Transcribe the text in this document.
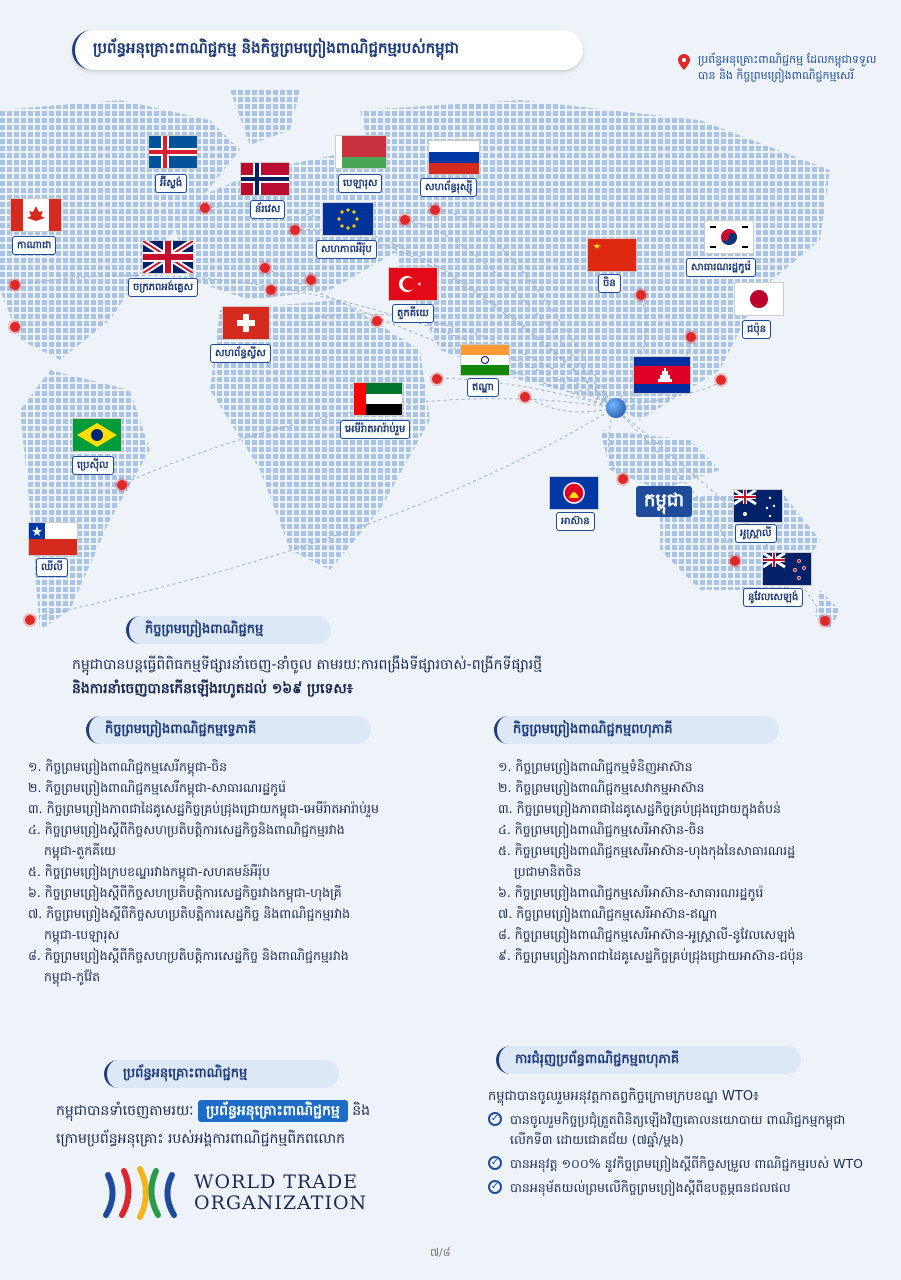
ប្រព័ន្ធអនុគ្រោះពាណិជ្ជកម្ម និងកិច្ចព្រមព្រៀងពាណិជ្ជកម្មរបស់កម្ពុជា
ប្រព័ន្ធអនុគ្រោះពាណិជ្ជកម្ម ដែលកម្ពុជាទទួលបាន និង កិច្ចព្រមព្រៀងពាណិជ្ជកម្មសេរី
អ៊ីស្លង់
ន័រវេស
បេឡារុស	សហព័ន្ធរុស្ស៊ី
កាណាដា	សហភាពអឺរ៉ុប
ចក្រភពអង់គ្លេស	ចិន
សាធារណរដ្ឋកូរ៉េ
តួកគីយេ
ជប៉ុន
សហព័ន្ធស្វីស
ឥណ្ឌា
អេមីរ៉ាតអារ៉ាប់រួម
ប្រេស៊ីល
អាស៊ាន
អូស្ត្រាលី
ឈីលី
នូវែលសេឡង់
កម្ពុជា
កិច្ចព្រមព្រៀងពាណិជ្ជកម្ម
កម្ពុជាបានបន្តធ្វើពិពិធកម្មទីផ្សារនាំចេញ-នាំចូល តាមរយៈការពង្រឹងទីផ្សារចាស់-ពង្រីកទីផ្សារថ្មី
និងការនាំចេញបានកើនឡើងរហូតដល់ ១៦៩ ប្រទេស៖
កិច្ចព្រមព្រៀងពាណិជ្ជកម្មទ្វេភាគី
១. កិច្ចព្រមព្រៀងពាណិជ្ជកម្មសេរីកម្ពុជា-ចិន
២. កិច្ចព្រមព្រៀងពាណិជ្ជកម្មសេរីកម្ពុជា-សាធារណរដ្ឋកូរ៉េ
៣. កិច្ចព្រមព្រៀងភាពជាដៃគូសេដ្ឋកិច្ចគ្រប់ជ្រុងជ្រោយកម្ពុជា-អេមីរ៉ាតអារ៉ាប់រួម
៤. កិច្ចព្រមព្រៀងស្តីពីកិច្ចសហប្រតិបត្តិការសេដ្ឋកិច្ចនិងពាណិជ្ជកម្មរវាង
កម្ពុជា-តួកគីយេ
៥. កិច្ចព្រមព្រៀងក្របខណ្ឌរវាងកម្ពុជា-សហគមន៍អឺរ៉ុប
៦. កិច្ចព្រមព្រៀងស្តីពីកិច្ចសហប្រតិបត្តិការសេដ្ឋកិច្ចរវាងកម្ពុជា-ហុងគ្រី
៧. កិច្ចព្រមព្រៀងស្តីពីកិច្ចសហប្រតិបត្តិការសេដ្ឋកិច្ច និងពាណិជ្ជកម្មរវាង
កម្ពុជា-បេឡារុស
៨. កិច្ចព្រមព្រៀងស្តីពីកិច្ចសហប្រតិបត្តិការសេដ្ឋកិច្ច និងពាណិជ្ជកម្មរវាង
កម្ពុជា-កូវ៉ែត
កិច្ចព្រមព្រៀងពាណិជ្ជកម្មពហុភាគី
១. កិច្ចព្រមព្រៀងពាណិជ្ជកម្មទំនិញអាស៊ាន
២. កិច្ចព្រមព្រៀងពាណិជ្ជកម្មសេវាកម្មអាស៊ាន
៣. កិច្ចព្រមព្រៀងភាពជាដៃគូសេដ្ឋកិច្ចគ្រប់ជ្រុងជ្រោយក្នុងតំបន់
៤. កិច្ចព្រមព្រៀងពាណិជ្ជកម្មសេរីអាស៊ាន-ចិន
៥. កិច្ចព្រមព្រៀងពាណិជ្ជកម្មសេរីអាស៊ាន-ហុងកុងនៃសាធារណរដ្ឋ
ប្រជាមានិតចិន
៦. កិច្ចព្រមព្រៀងពាណិជ្ជកម្មសេរីអាស៊ាន-សាធារណរដ្ឋកូរ៉េ
៧. កិច្ចព្រមព្រៀងពាណិជ្ជកម្មសេរីអាស៊ាន-ឥណ្ឌា
៨. កិច្ចព្រមព្រៀងពាណិជ្ជកម្មសេរីអាស៊ាន-អូស្ត្រាលី-នូវែលសេឡង់
៩. កិច្ចព្រមព្រៀងភាពជាដៃគូសេដ្ឋកិច្ចគ្រប់ជ្រុងជ្រោយអាស៊ាន-ជប៉ុន
ប្រព័ន្ធអនុគ្រោះពាណិជ្ជកម្ម
កម្ពុជាបានទាំចេញតាមរយៈ ប្រព័ន្ធអនុគ្រោះពាណិជ្ជកម្ម និង
ក្រោមប្រព័ន្ធអនុគ្រោះ របស់អង្គការពាណិជ្ជកម្មពិភពលោក
WORLD TRADE
ORGANIZATION
ការជំរុញប្រព័ន្ធពាណិជ្ជកម្មពហុភាគី
កម្ពុជាបានចូលរួមអនុវត្តកាតព្វកិច្ចក្រោមក្របខណ្ឌ WTO៖
✓ បានចូលរួមកិច្ចប្រជុំត្រួតពិនិត្យឡើងវិញគោលនយោបាយ ពាណិជ្ជកម្មកម្ពុជា លើកទី៣ ដោយជោគជ័យ (៧ឆ្នាំ/ម្តង)
✓ បានអនុវត្ត ១០០% នូវកិច្ចព្រមព្រៀងស្តីពីកិច្ចសម្រួល ពាណិជ្ជកម្មរបស់ WTO
✓ បានអនុម័តយល់ព្រមលើកិច្ចព្រមព្រៀងស្តីពីឧបត្ថម្ភធនជលផល
៧/៨
